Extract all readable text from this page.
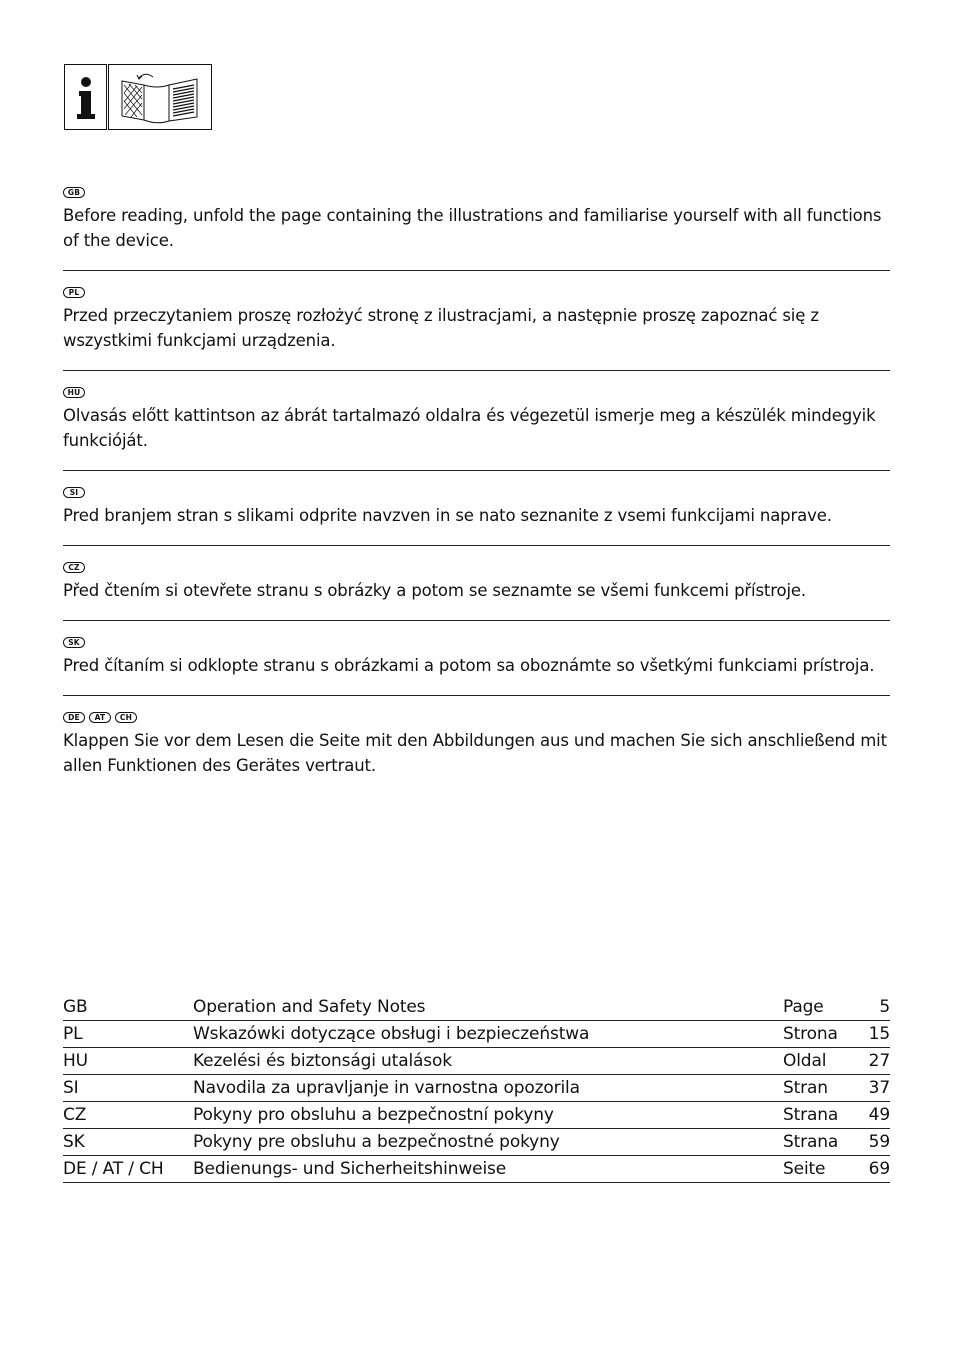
GB

Before reading, unfold the page containing the illustrations and familiarise yourself with all functions of the device.

PL

Przed przeczytaniem proszę rozłożyć stronę z ilustracjami, a następnie proszę zapoznać się z wszystkimi funkcjami urządzenia.

HU

Olvasás előtt kattintson az ábrát tartalmazó oldalra és végezetül ismerje meg a készülék mindegyik funkcióját.

SI

Pred branjem stran s slikami odprite navzven in se nato seznanite z vsemi funkcijami naprave.

CZ

Před čtením si otevřete stranu s obrázky a potom se seznamte se všemi funkcemi přístroje.

SK

Pred čítaním si odklopte stranu s obrázkami a potom sa oboznámte so všetkými funkciami prístroja.

DE	AT	CH

Klappen Sie vor dem Lesen die Seite mit den Abbildungen aus und machen Sie sich anschließend mit allen Funktionen des Gerätes vertraut.

GB	Operation and Safety Notes	Page	5
PL	Wskazówki dotyczące obsługi i bezpieczeństwa	Strona 15
HU	Kezelési és biztonsági utalások	Oldal 27
SI	Navodila za upravljanje in varnostna opozorila	Stran 37
CZ	Pokyny pro obsluhu a bezpečnostní pokyny	Strana 49
SK	Pokyny pre obsluhu a bezpečnostné pokyny	Strana 59
DE / AT / CH Bedienungs- und Sicherheitshinweise	Seite	69
